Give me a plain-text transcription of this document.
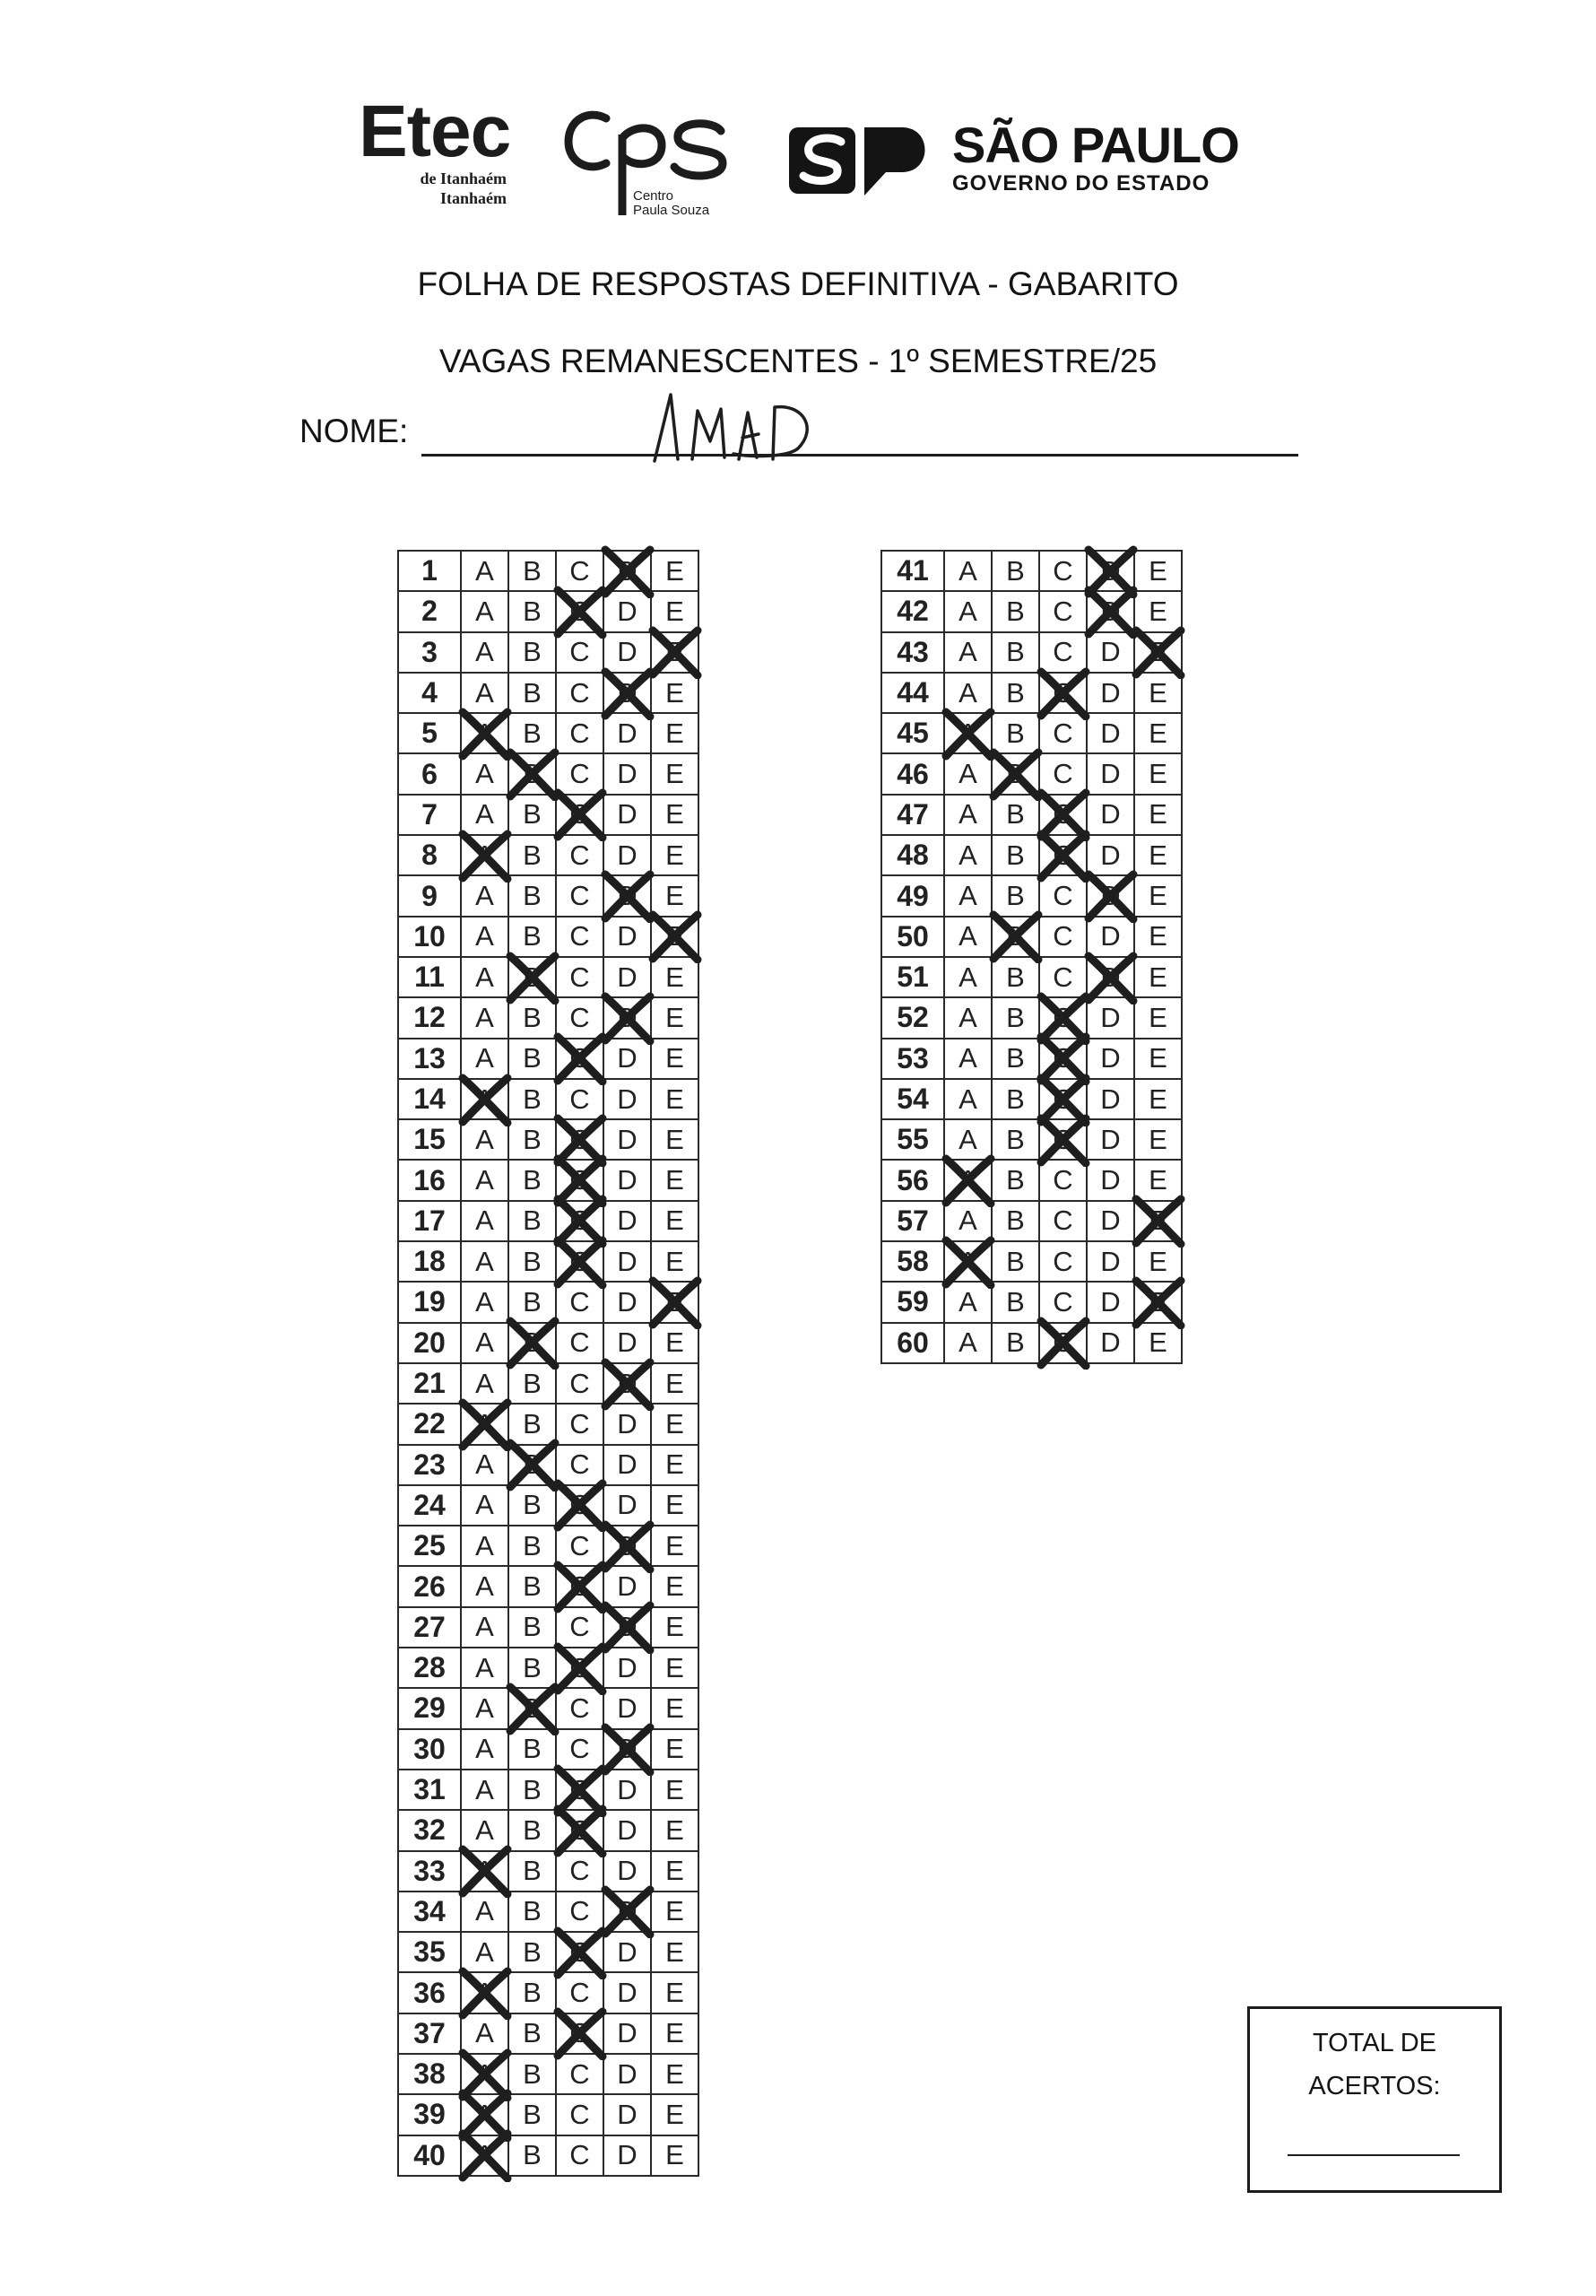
Etec
de Itanhaém
Itanhaém	Centro
Paula Souza
SÃO PAULO
GOVERNO DO ESTADO
FOLHA DE RESPOSTAS DEFINITIVA - GABARITO
VAGAS REMANESCENTES - 1º SEMESTRE/25
NOME:
1	A	B	C	D	E
2	A	B	C	D	E
3	A	B	C	D	E

4	A	B	C	D	E
5	A	B	C	D	E
6	A	B	C	D	E
7	A	B	C	D	E
8	A	B	C	D	E
9	A	B	C	D	E
10	A	B	C	D	E

11	A	B	C	D	E
12	A	B	C	D	E
13	A	B	C	D	E
14	A	B	C	D	E
15	A	B	C	D	E
16	A	B	C	D	E
17	A	B	C	D	E
18	A	B	C	D	E
19	A	B	C	D	E

20	A	B	C	D	E
21	A	B	C	D	E
22	A	B	C	D	E
23	A	B	C	D	E
24	A	B	C	D	E
25	A	B	C	D	E
26	A	B	C	D	E
27	A	B	C	D	E
28	A	B	C	D	E
29	A	B	C	D	E
30	A	B	C	D	E
31	A	B	C	D	E
32	A	B	C	D	E
33	A	B	C	D	E
34	A	B	C	D	E
35	A	B	C	D	E
36	A	B	C	D	E
37	A	B	C	D	E
38	A	B	C	D	E
39	A	B	C	D	E
40	A	B	C	D	E
41	A	B	C	D	E
42	A	B	C	D	E
43	A	B	C	D	E

44	A	B	C	D	E
45	A	B	C	D	E
46	A	B	C	D	E
47	A	B	C	D	E
48	A	B	C	D	E
49	A	B	C	D	E
50	A	B	C	D	E
51	A	B	C	D	E
52	A	B	C	D	E
53	A	B	C	D	E
54	A	B	C	D	E
55	A	B	C	D	E
56	A	B	C	D	E
57	A	B	C	D	E

58	A	B	C	D	E
59	A	B	C	D	E

60	A	B	C	D	E
TOTAL DE
ACERTOS:
